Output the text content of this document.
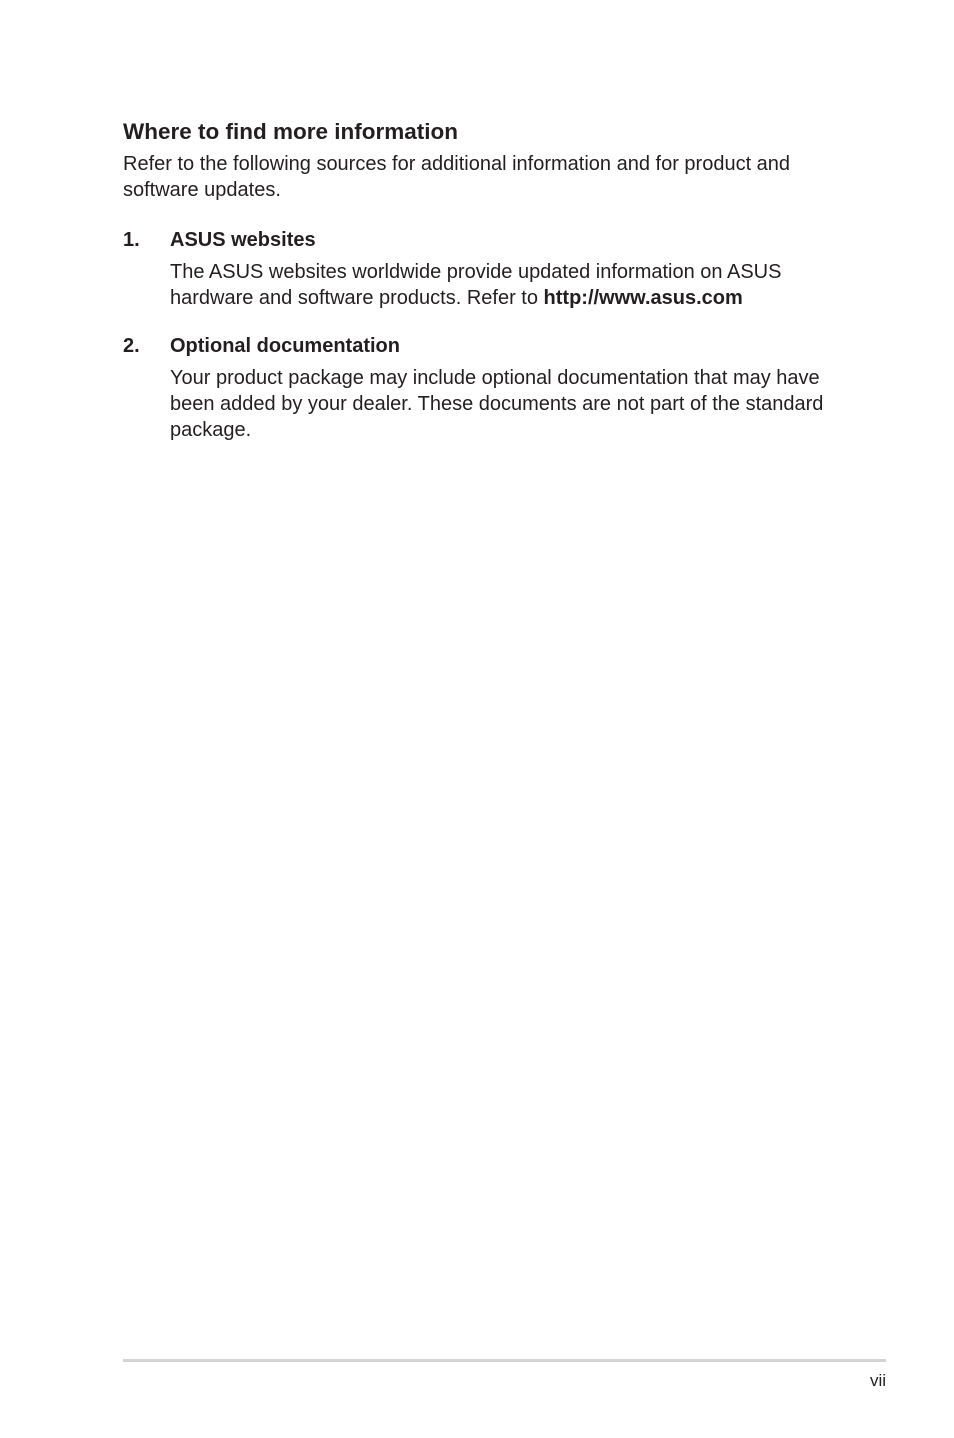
Where to find more information

Refer to the following sources for additional information and for product and software updates.

1. ASUS websites

The ASUS websites worldwide provide updated information on ASUS hardware and software products. Refer to http://www.asus.com

2. Optional documentation

Your product package may include optional documentation that may have been added by your dealer. These documents are not part of the standard package.

vii
